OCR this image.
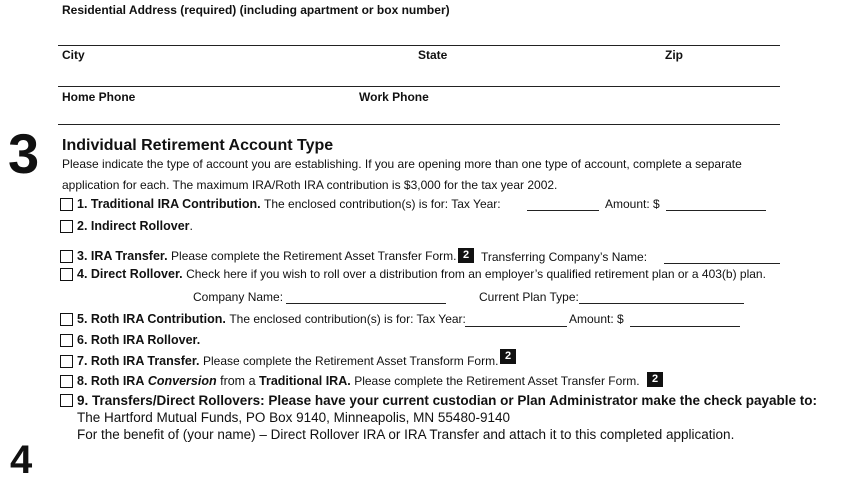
Residential Address (required) (including apartment or box number)
City	State	Zip
Home Phone	Work Phone
3 Individual Retirement Account Type
Please indicate the type of account you are establishing. If you are opening more than one type of account, complete a separate
application for each. The maximum IRA/Roth IRA contribution is $3,000 for the tax year 2002.
1. Traditional IRA Contribution. The enclosed contribution(s) is for: Tax Year:	Amount: $
2. Indirect Rollover.
3. IRA Transfer. Please complete the Retirement Asset Transfer Form. 2 Transferring Company’s Name:
4. Direct Rollover. Check here if you wish to roll over a distribution from an employer’s qualified retirement plan or a 403(b) plan.
Company Name:	Current Plan Type:
5. Roth IRA Contribution. The enclosed contribution(s) is for: Tax Year:	Amount: $
6. Roth IRA Rollover.
7. Roth IRA Transfer. Please complete the Retirement Asset Transform Form. 2
8. Roth IRA Conversion from a Traditional IRA. Please complete the Retirement Asset Transfer Form.	2
9. Transfers/Direct Rollovers: Please have your current custodian or Plan Administrator make the check payable to:
The Hartford Mutual Funds, PO Box 9140, Minneapolis, MN 55480-9140
For the benefit of (your name) – Direct Rollover IRA or IRA Transfer and attach it to this completed application.
4
